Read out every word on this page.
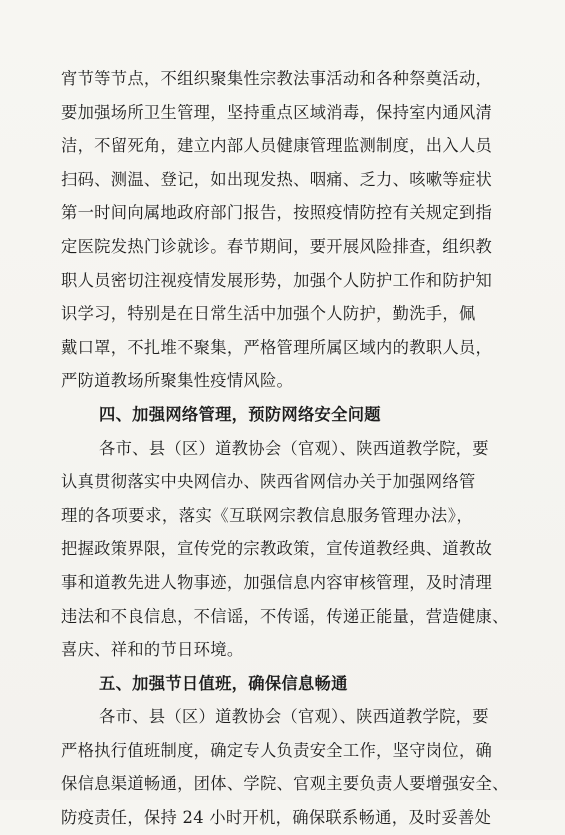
宵节等节点，不组织聚集性宗教法事活动和各种祭奠活动，

要加强场所卫生管理，坚持重点区域消毒，保持室内通风清

洁，不留死角，建立内部人员健康管理监测制度，出入人员

扫码、测温、登记，如出现发热、咽痛、乏力、咳嗽等症状

第一时间向属地政府部门报告，按照疫情防控有关规定到指

定医院发热门诊就诊。春节期间，要开展风险排查，组织教

职人员密切注视疫情发展形势，加强个人防护工作和防护知

识学习，特别是在日常生活中加强个人防护，勤洗手，佩

戴口罩，不扎堆不聚集，严格管理所属区域内的教职人员，

严防道教场所聚集性疫情风险。

四、加强网络管理，预防网络安全问题

各市、县（区）道教协会（官观）、陕西道教学院，要

认真贯彻落实中央网信办、陕西省网信办关于加强网络管

理的各项要求，落实《互联网宗教信息服务管理办法》，

把握政策界限，宣传党的宗教政策，宣传道教经典、道教故

事和道教先进人物事迹，加强信息内容审核管理，及时清理

违法和不良信息，不信谣，不传谣，传递正能量，营造健康、

喜庆、祥和的节日环境。

五、加强节日值班，确保信息畅通

各市、县（区）道教协会（官观）、陕西道教学院，要

严格执行值班制度，确定专人负责安全工作，坚守岗位，确

保信息渠道畅通，团体、学院、官观主要负责人要增强安全、

防疫责任，保持 24 小时开机，确保联系畅通，及时妥善处
